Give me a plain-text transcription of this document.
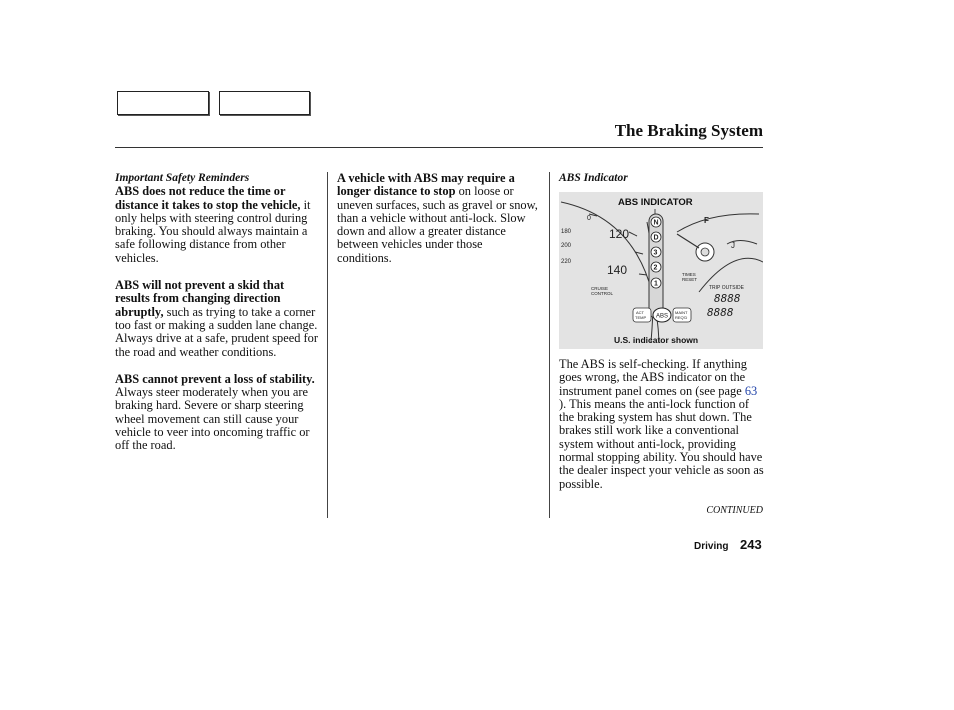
The Braking System
Important Safety Reminders

ABS does not reduce the time or distance it takes to stop the vehicle, it only helps with steering control during braking. You should always maintain a safe following distance from other vehicles.

ABS will not prevent a skid that results from changing direction abruptly, such as trying to take a corner too fast or making a sudden lane change. Always drive at a safe, prudent speed for the road and weather conditions.

ABS cannot prevent a loss of stability. Always steer moderately when you are braking hard. Severe or sharp steering wheel movement can still cause your vehicle to veer into oncoming traffic or off the road.

A vehicle with ABS may require a longer distance to stop on loose or uneven surfaces, such as gravel or snow, than a vehicle without anti-lock. Slow down and allow a greater distance between vehicles under those conditions.

ABS Indicator
ABS INDICATOR
0
180
200
220
120
140
CRUISE
CONTROL
N
D
3
2
1
F
J
TIMES
RESET
TRIP OUTSIDE
8888
8888
ACT
TEMP ABS
MAINT
REQ'D
U.S. indicator shown

The ABS is self-checking. If anything goes wrong, the ABS indicator on the instrument panel comes on (see page 63 ). This means the anti-lock function of the braking system has shut down. The brakes still work like a conventional system without anti-lock, providing normal stopping ability. You should have the dealer inspect your vehicle as soon as possible.

CONTINUED
Driving 243
